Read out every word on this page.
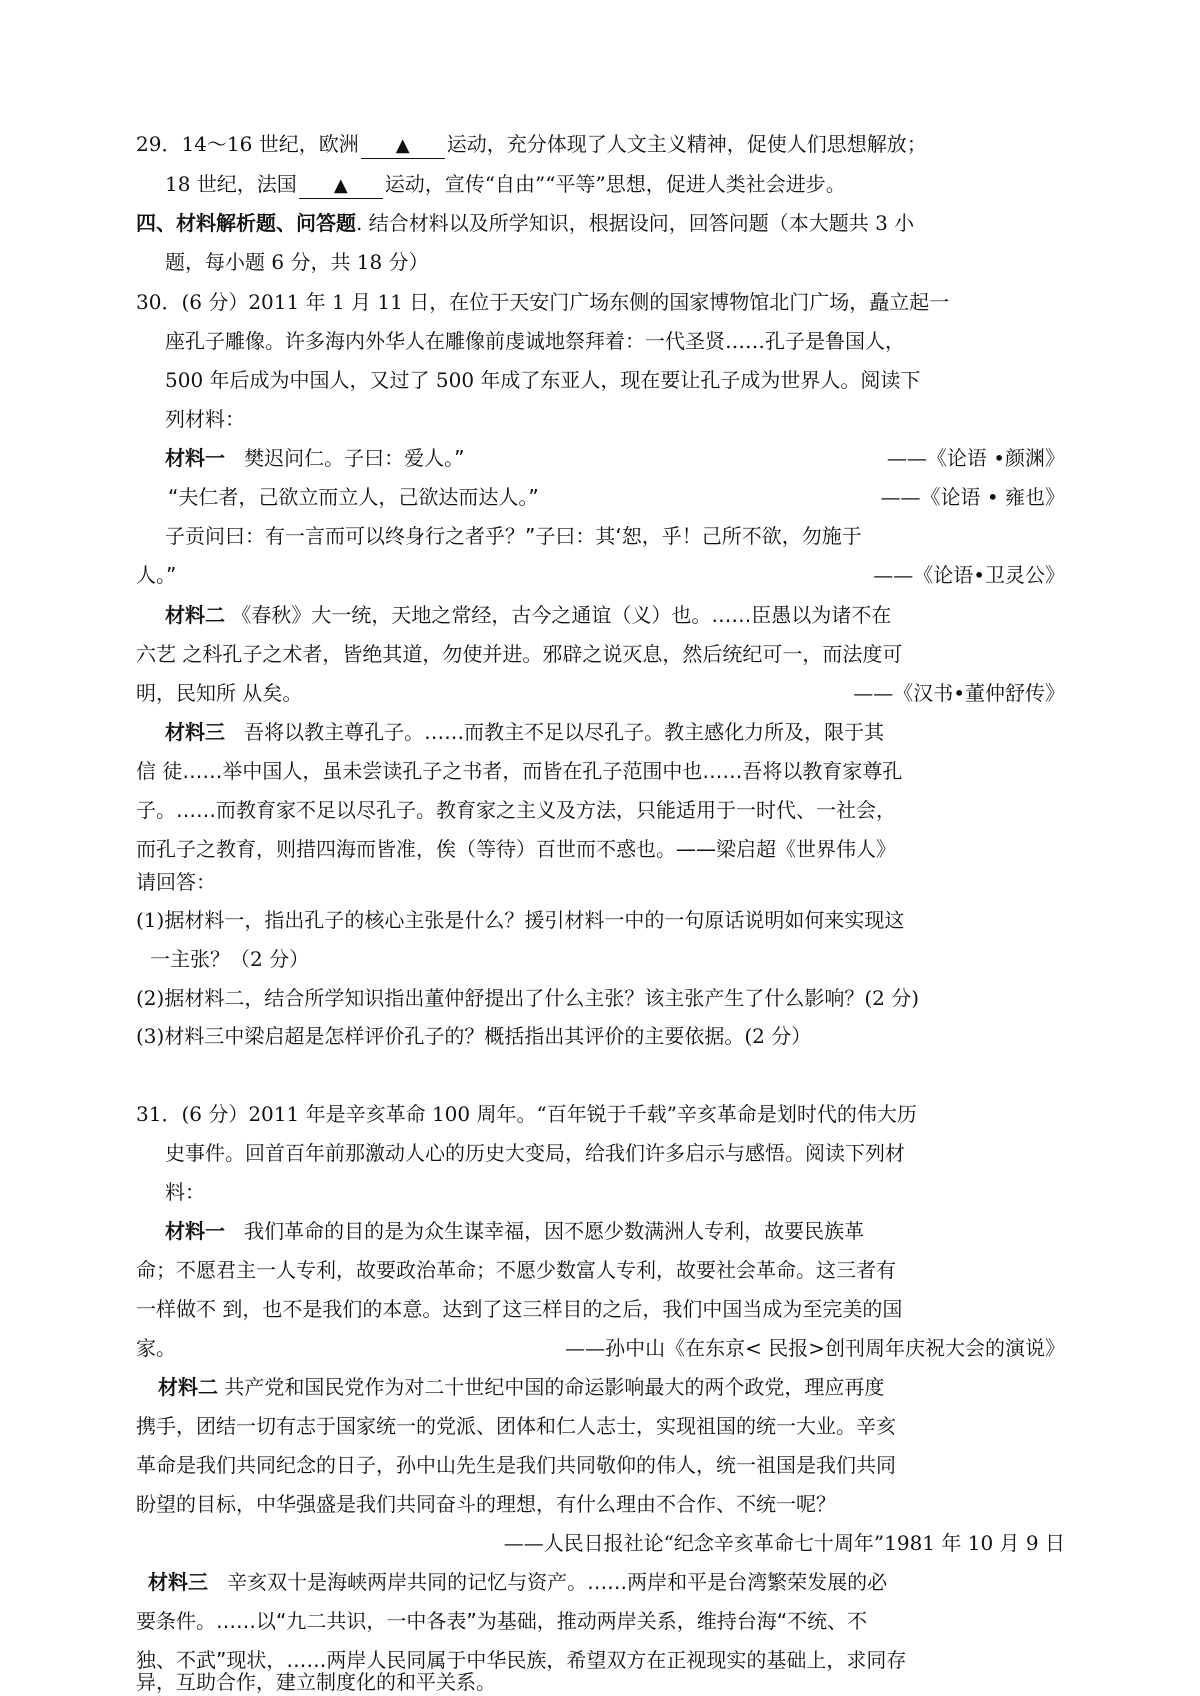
29．14～16 世纪，欧洲 ▲ 运动，充分体现了人文主义精神，促使人们思想解放；
18 世纪，法国 ▲ 运动，宣传“自由”“平等”思想，促进人类社会进步。
四、材料解析题、问答题. 结合材料以及所学知识，根据设问，回答问题（本大题共 3 小
题，每小题 6 分，共 18 分）
30．(6 分）2011 年 1 月 11 日，在位于天安门广场东侧的国家博物馆北门广场，矗立起一
座孔子雕像。许多海内外华人在雕像前虔诚地祭拜着：一代圣贤……孔子是鲁国人，
500 年后成为中国人，又过了 500 年成了东亚人，现在要让孔子成为世界人。阅读下
列材料：
材料一 樊迟问仁。子曰：爱人。”	——《论语 •颜渊》
“夫仁者，己欲立而立人，己欲达而达人。”	——《论语 • 雍也》
子贡问曰：有一言而可以终身行之者乎？”子曰：其‘恕，乎！己所不欲，勿施于
人。”	——《论语•卫灵公》
材料二 《春秋》大一统，天地之常经，古今之通谊（义）也。……臣愚以为诸不在
六艺 之科孔子之术者，皆绝其道，勿使并进。邪辟之说灭息，然后统纪可一，而法度可
明，民知所 从矣。	——《汉书•董仲舒传》
材料三 吾将以教主尊孔子。……而教主不足以尽孔子。教主感化力所及，限于其
信 徒……举中国人，虽未尝读孔子之书者，而皆在孔子范围中也……吾将以教育家尊孔
子。……而教育家不足以尽孔子。教育家之主义及方法，只能适用于一时代、一社会，
而孔子之教育，则措四海而皆准，俟（等待）百世而不惑也。——梁启超《世界伟人》
请回答：
(1)据材料一，指出孔子的核心主张是什么？援引材料一中的一句原话说明如何来实现这
一主张？（2 分）
(2)据材料二，结合所学知识指出董仲舒提出了什么主张？该主张产生了什么影响？(2 分)
(3)材料三中梁启超是怎样评价孔子的？概括指出其评价的主要依据。(2 分）
31．(6 分）2011 年是辛亥革命 100 周年。“百年锐于千载”辛亥革命是划时代的伟大历
史事件。回首百年前那激动人心的历史大变局，给我们许多启示与感悟。阅读下列材
料：
材料一 我们革命的目的是为众生谋幸福，因不愿少数满洲人专利，故要民族革
命；不愿君主一人专利，故要政治革命；不愿少数富人专利，故要社会革命。这三者有
一样做不 到，也不是我们的本意。达到了这三样目的之后，我们中国当成为至完美的国
家。	——孙中山《在东京< 民报>创刊周年庆祝大会的演说》
材料二 共产党和国民党作为对二十世纪中国的命运影响最大的两个政党，理应再度
携手，团结一切有志于国家统一的党派、团体和仁人志士，实现祖国的统一大业。辛亥
革命是我们共同纪念的日子，孙中山先生是我们共同敬仰的伟人，统一祖国是我们共同
盼望的目标，中华强盛是我们共同奋斗的理想，有什么理由不合作、不统一呢？
——人民日报社论“纪念辛亥革命七十周年”1981 年 10 月 9 日
材料三 辛亥双十是海峡两岸共同的记忆与资产。……两岸和平是台湾繁荣发展的必
要条件。……以“九二共识，一中各表”为基础，推动两岸关系，维持台海“不统、不
独、不武”现状，……两岸人民同属于中华民族，希望双方在正视现实的基础上，求同存
异，互助合作，建立制度化的和平关系。
